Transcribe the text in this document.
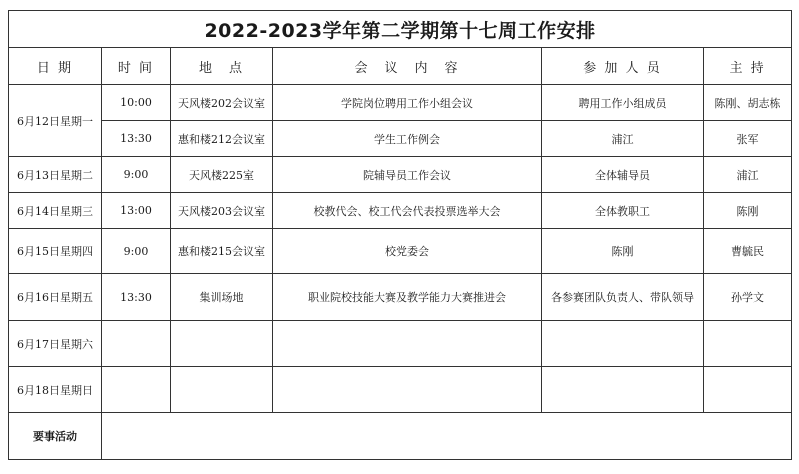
2022-2023学年第二学期第十七周工作安排					
日 期	时 间	地　点	会　议　内　容	参 加 人 员	主 持
6月12日星期一	10:00	天风楼202会议室	学院岗位聘用工作小组会议	聘用工作小组成员	陈刚、胡志栋
	13:30	惠和楼212会议室	学生工作例会	浦江	张军
6月13日星期二	9:00	天风楼225室	院辅导员工作会议	全体辅导员	浦江
6月14日星期三	13:00	天风楼203会议室	校教代会、校工代会代表投票选举大会	全体教职工	陈刚
6月15日星期四	9:00	惠和楼215会议室	校党委会	陈刚	曹毓民
6月16日星期五	13:30	集训场地	职业院校技能大赛及教学能力大赛推进会	各参赛团队负责人、带队领导	孙学文
6月17日星期六					
6月18日星期日					
要事活动					
